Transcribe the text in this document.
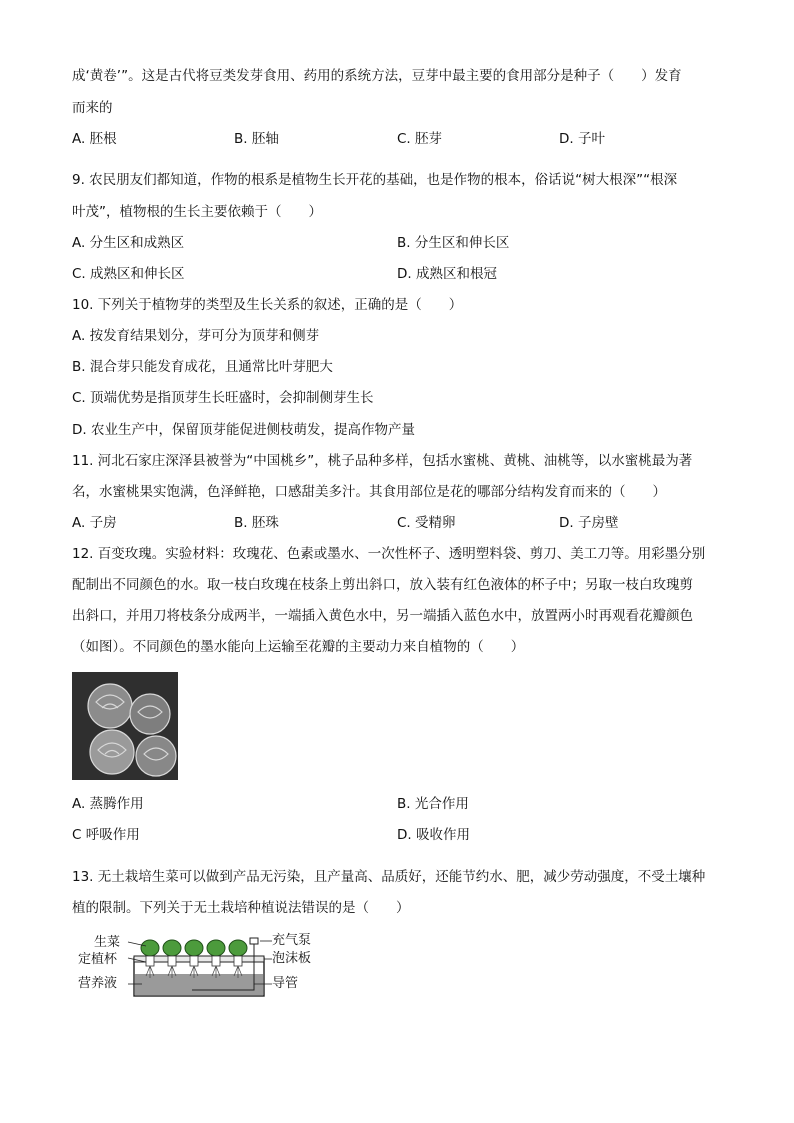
成‘黄卷’”。这是古代将豆类发芽食用、药用的系统方法，豆芽中最主要的食用部分是种子（　　）发育
而来的
A. 胚根	B. 胚轴	C. 胚芽	D. 子叶
9. 农民朋友们都知道，作物的根系是植物生长开花的基础，也是作物的根本，俗话说“树大根深”“根深
叶茂”，植物根的生长主要依赖于（　　）
A. 分生区和成熟区	B. 分生区和伸长区
C. 成熟区和伸长区	D. 成熟区和根冠
10. 下列关于植物芽的类型及生长关系的叙述，正确的是（　　）
A. 按发育结果划分，芽可分为顶芽和侧芽
B. 混合芽只能发育成花，且通常比叶芽肥大
C. 顶端优势是指顶芽生长旺盛时，会抑制侧芽生长
D. 农业生产中，保留顶芽能促进侧枝萌发，提高作物产量
11. 河北石家庄深泽县被誉为“中国桃乡”，桃子品种多样，包括水蜜桃、黄桃、油桃等，以水蜜桃最为著
名，水蜜桃果实饱满，色泽鲜艳，口感甜美多汁。其食用部位是花的哪部分结构发育而来的（　　）
A. 子房	B. 胚珠	C. 受精卵	D. 子房壁
12. 百变玫瑰。实验材料：玫瑰花、色素或墨水、一次性杯子、透明塑料袋、剪刀、美工刀等。用彩墨分别
配制出不同颜色的水。取一枝白玫瑰在枝条上剪出斜口，放入装有红色液体的杯子中；另取一枝白玫瑰剪
出斜口，并用刀将枝条分成两半，一端插入黄色水中，另一端插入蓝色水中，放置两小时再观看花瓣颜色
（如图）。不同颜色的墨水能向上运输至花瓣的主要动力来自植物的（　　）
A. 蒸腾作用	B. 光合作用
C 呼吸作用	D. 吸收作用
13. 无土栽培生菜可以做到产品无污染，且产量高、品质好，还能节约水、肥，减少劳动强度，不受土壤种
植的限制。下列关于无土栽培种植说法错误的是（　　）
生菜
定植杯
营养液
充气泵
泡沫板
导管
